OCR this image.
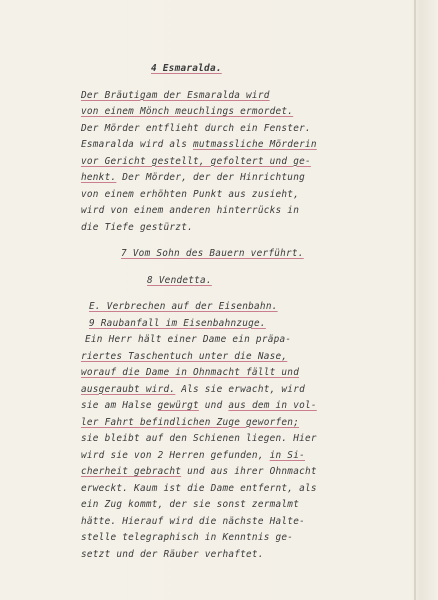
4 Esmaralda.
Der Bräutigam der Esmaralda wird
von einem Mönch meuchlings ermordet.
Der Mörder entflieht durch ein Fenster.
Esmaralda wird als mutmassliche Mörderin
vor Gericht gestellt, gefoltert und ge-
henkt. Der Mörder, der der Hinrichtung
von einem erhöhten Punkt aus zusieht,
wird von einem anderen hinterrücks in
die Tiefe gestürzt.
7 Vom Sohn des Bauern verführt.
8 Vendetta.
E. Verbrechen auf der Eisenbahn.
9 Raubanfall im Eisenbahnzuge.
Ein Herr hält einer Dame ein präpa-
riertes Taschentuch unter die Nase,
worauf die Dame in Ohnmacht fällt und
ausgeraubt wird. Als sie erwacht, wird
sie am Halse gewürgt und aus dem in vol-
ler Fahrt befindlichen Zuge geworfen;
sie bleibt auf den Schienen liegen. Hier
wird sie von 2 Herren gefunden, in Si-
cherheit gebracht und aus ihrer Ohnmacht
erweckt. Kaum ist die Dame entfernt, als
ein Zug kommt, der sie sonst zermalmt
hätte. Hierauf wird die nächste Halte-
stelle telegraphisch in Kenntnis ge-
setzt und der Räuber verhaftet.
